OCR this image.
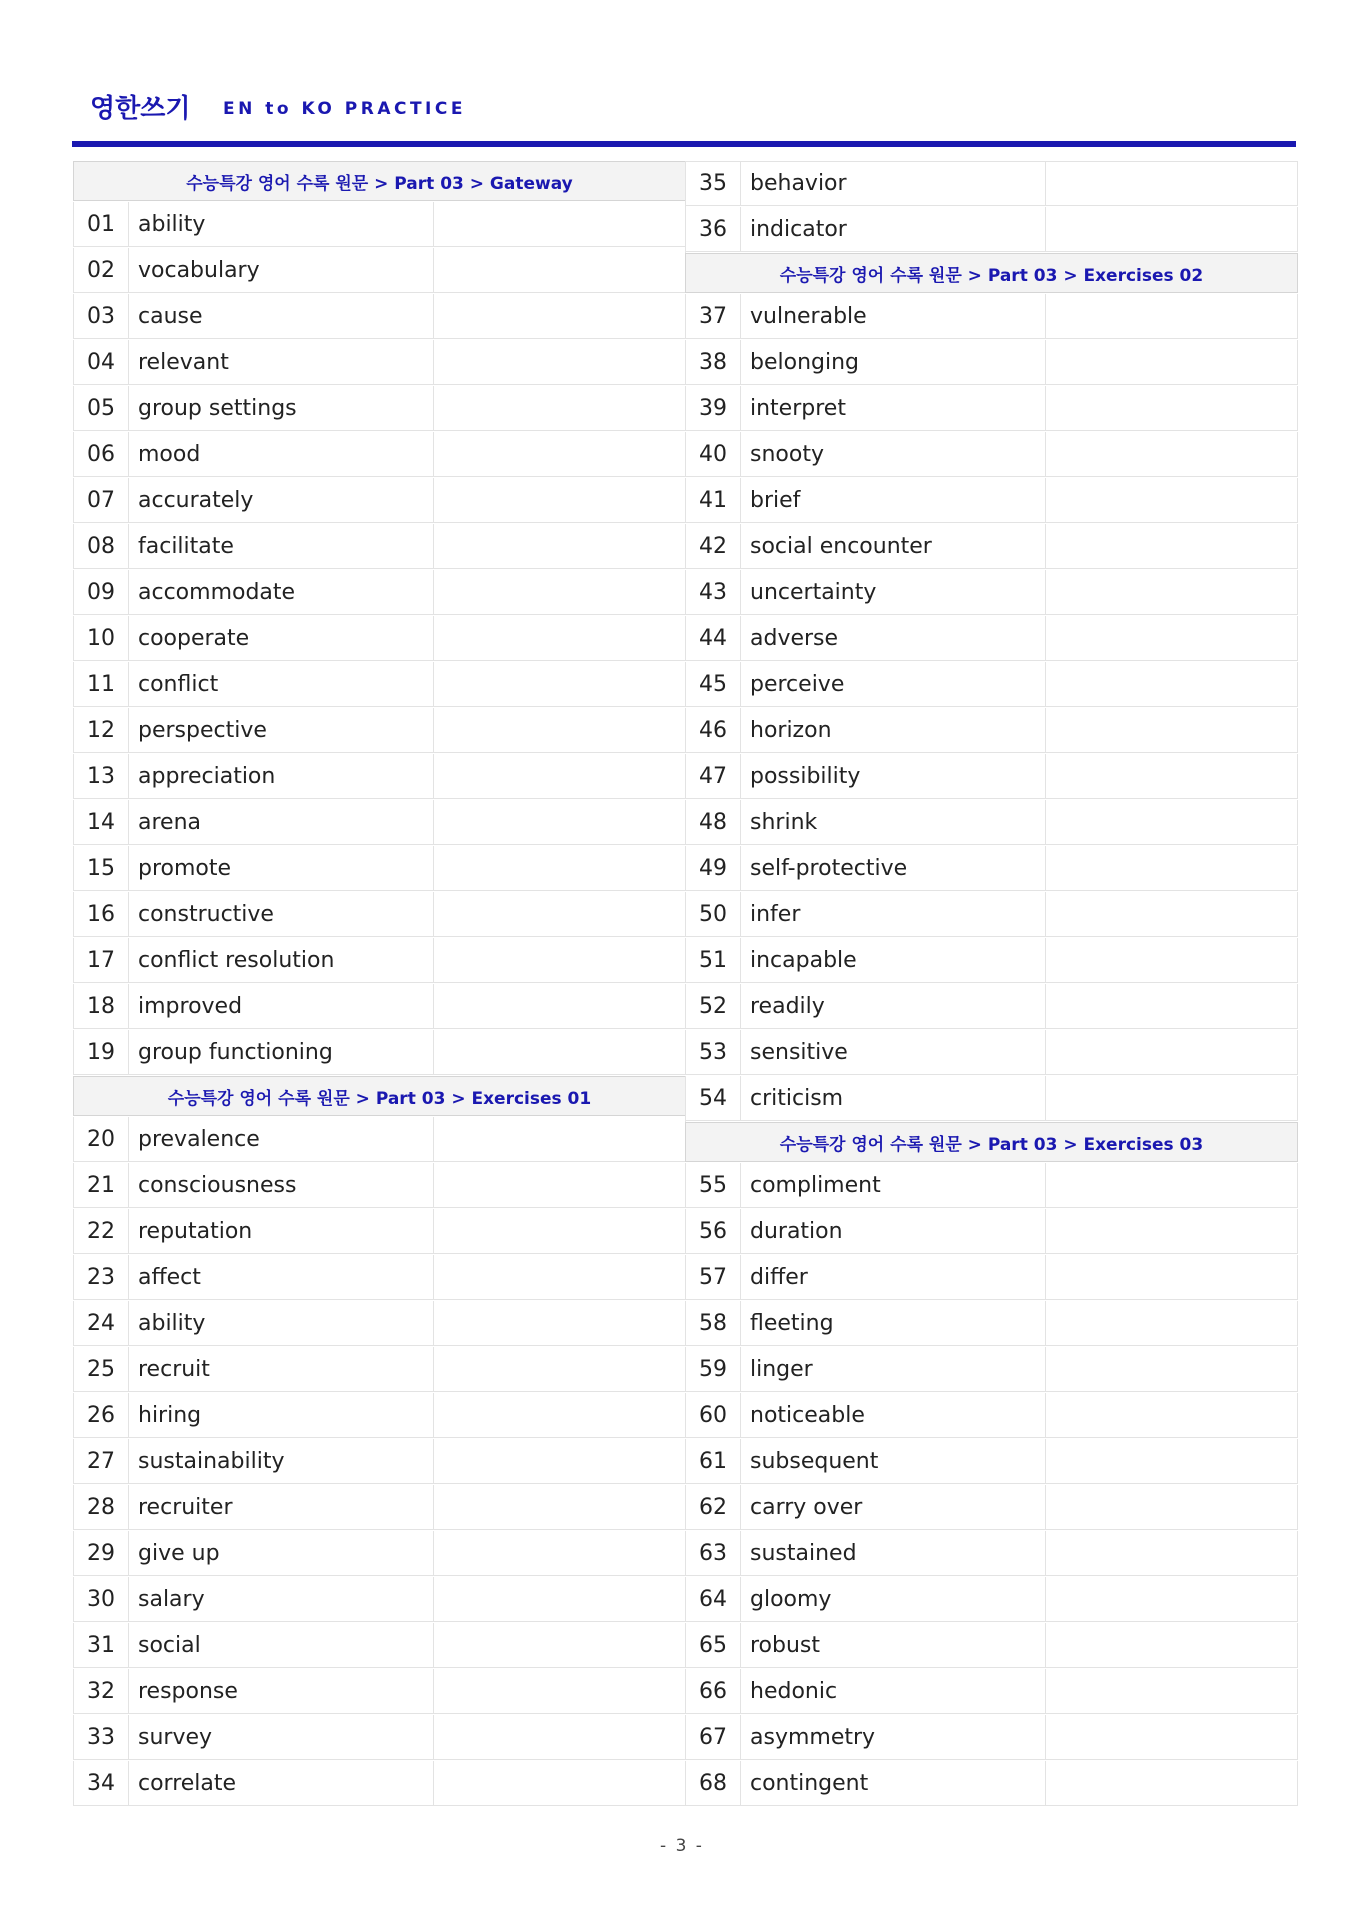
영한쓰기 EN to KO PRACTICE
수능특강 영어 수록 원문 > Part 03 > Gateway
01	ability
02	vocabulary
03	cause
04	relevant
05	group settings
06	mood
07	accurately
08	facilitate
09	accommodate
10	cooperate
11	conflict
12	perspective
13	appreciation
14	arena
15	promote
16	constructive
17	conflict resolution
18	improved
19	group functioning
수능특강 영어 수록 원문 > Part 03 > Exercises 01
20	prevalence
21	consciousness
22	reputation
23	affect
24	ability
25	recruit
26	hiring
27	sustainability
28	recruiter
29	give up
30	salary
31	social
32	response
33	survey
34	correlate
35	behavior
36	indicator
수능특강 영어 수록 원문 > Part 03 > Exercises 02
37	vulnerable
38	belonging
39	interpret
40	snooty
41	brief
42	social encounter
43	uncertainty
44	adverse
45	perceive
46	horizon
47	possibility
48	shrink
49	self-protective
50	infer
51	incapable
52	readily
53	sensitive
54	criticism
수능특강 영어 수록 원문 > Part 03 > Exercises 03
55	compliment
56	duration
57	differ
58	fleeting
59	linger
60	noticeable
61	subsequent
62	carry over
63	sustained
64	gloomy
65	robust
66	hedonic
67	asymmetry
68	contingent
- 3 -
